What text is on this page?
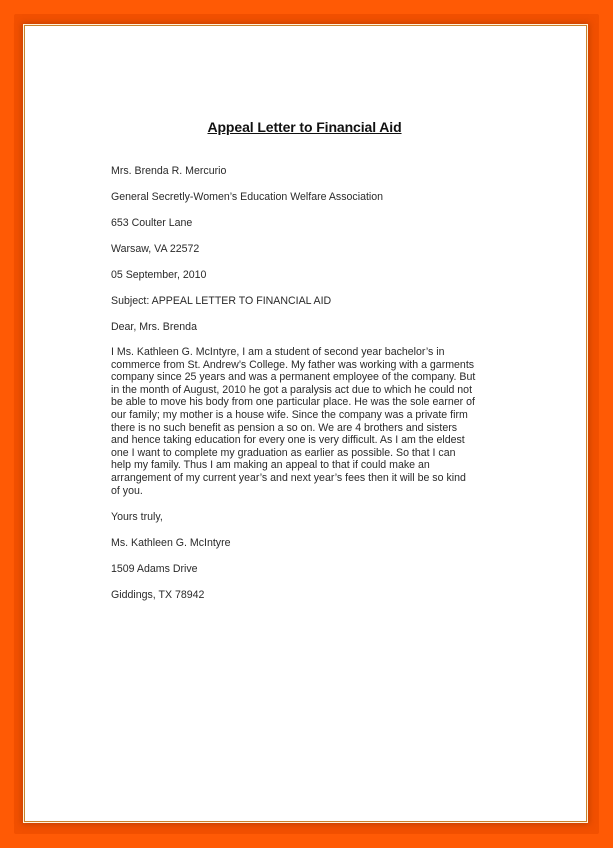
Appeal Letter to Financial Aid
Mrs. Brenda R. Mercurio
General Secretly-Women’s Education Welfare Association
653 Coulter Lane
Warsaw, VA 22572
05 September, 2010
Subject: APPEAL LETTER TO FINANCIAL AID
Dear, Mrs. Brenda
I Ms. Kathleen G. McIntyre, I am a student of second year bachelor’s in
commerce from St. Andrew’s College. My father was working with a garments
company since 25 years and was a permanent employee of the company. But
in the month of August, 2010 he got a paralysis act due to which he could not
be able to move his body from one particular place. He was the sole earner of
our family; my mother is a house wife. Since the company was a private firm
there is no such benefit as pension a so on. We are 4 brothers and sisters
and hence taking education for every one is very difficult. As I am the eldest
one I want to complete my graduation as earlier as possible. So that I can
help my family. Thus I am making an appeal to that if could make an
arrangement of my current year’s and next year’s fees then it will be so kind
of you.
Yours truly,
Ms. Kathleen G. McIntyre
1509 Adams Drive
Giddings, TX 78942
